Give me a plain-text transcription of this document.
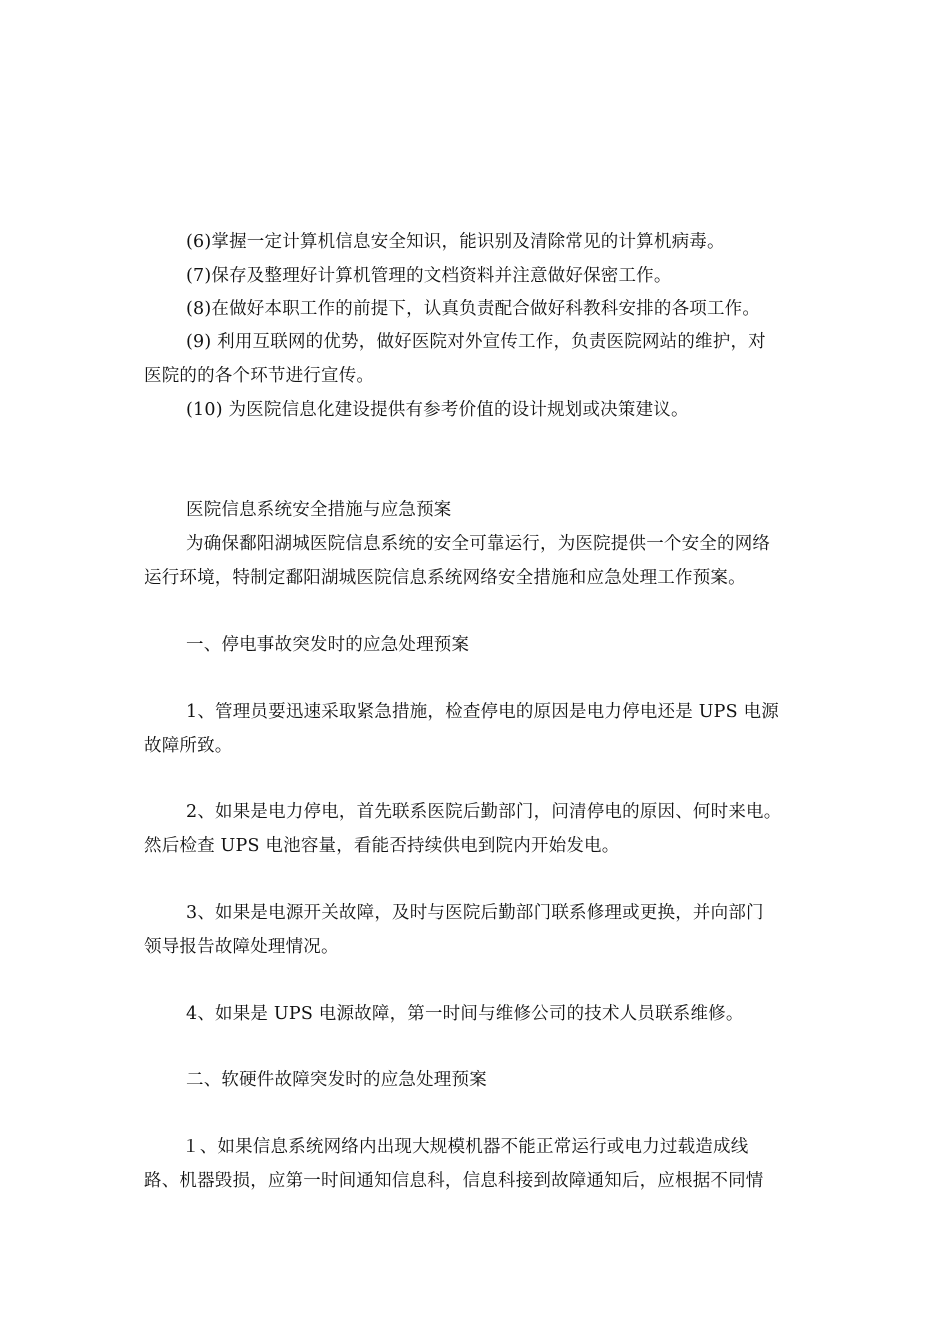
(6)掌握一定计算机信息安全知识，能识别及清除常见的计算机病毒。
(7)保存及整理好计算机管理的文档资料并注意做好保密工作。
(8)在做好本职工作的前提下，认真负责配合做好科教科安排的各项工作。
(9) 利用互联网的优势，做好医院对外宣传工作，负责医院网站的维护，对
医院的的各个环节进行宣传。
(10) 为医院信息化建设提供有参考价值的设计规划或决策建议。
医院信息系统安全措施与应急预案
为确保鄱阳湖城医院信息系统的安全可靠运行，为医院提供一个安全的网络
运行环境，特制定鄱阳湖城医院信息系统网络安全措施和应急处理工作预案。
一、停电事故突发时的应急处理预案
1、管理员要迅速采取紧急措施，检查停电的原因是电力停电还是 UPS 电源
故障所致。
2、如果是电力停电，首先联系医院后勤部门，问清停电的原因、何时来电。
然后检查 UPS 电池容量，看能否持续供电到院内开始发电。
3、如果是电源开关故障，及时与医院后勤部门联系修理或更换，并向部门
领导报告故障处理情况。
4、如果是 UPS 电源故障，第一时间与维修公司的技术人员联系维修。
二、软硬件故障突发时的应急处理预案
１、如果信息系统网络内出现大规模机器不能正常运行或电力过载造成线
路、机器毁损，应第一时间通知信息科，信息科接到故障通知后，应根据不同情
